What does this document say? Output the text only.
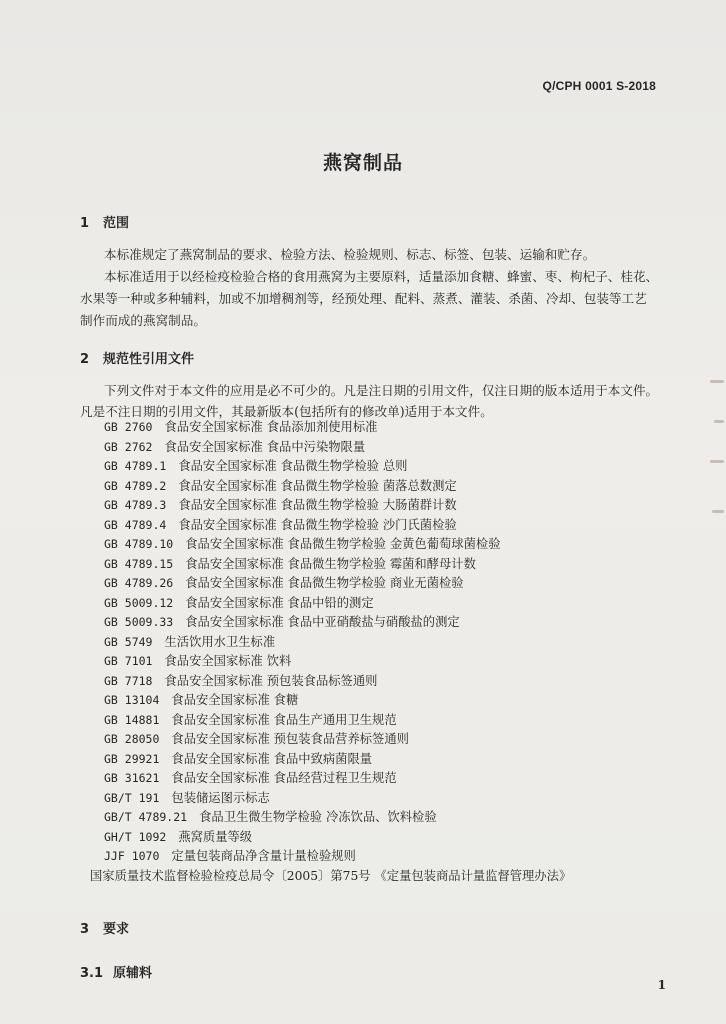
Q/CPH 0001 S-2018
燕窝制品
1 范围
本标准规定了燕窝制品的要求、检验方法、检验规则、标志、标签、包装、运输和贮存。
本标准适用于以经检疫检验合格的食用燕窝为主要原料，适量添加食糖、蜂蜜、枣、枸杞子、桂花、
水果等一种或多种辅料，加或不加增稠剂等，经预处理、配料、蒸煮、灌装、杀菌、冷却、包装等工艺
制作而成的燕窝制品。
2 规范性引用文件
下列文件对于本文件的应用是必不可少的。凡是注日期的引用文件，仅注日期的版本适用于本文件。
凡是不注日期的引用文件，其最新版本(包括所有的修改单)适用于本文件。
GB 2760 食品安全国家标准 食品添加剂使用标准
GB 2762 食品安全国家标准 食品中污染物限量
GB 4789.1 食品安全国家标准 食品微生物学检验 总则
GB 4789.2 食品安全国家标准 食品微生物学检验 菌落总数测定
GB 4789.3 食品安全国家标准 食品微生物学检验 大肠菌群计数
GB 4789.4 食品安全国家标准 食品微生物学检验 沙门氏菌检验
GB 4789.10 食品安全国家标准 食品微生物学检验 金黄色葡萄球菌检验
GB 4789.15 食品安全国家标准 食品微生物学检验 霉菌和酵母计数
GB 4789.26 食品安全国家标准 食品微生物学检验 商业无菌检验
GB 5009.12 食品安全国家标准 食品中铅的测定
GB 5009.33 食品安全国家标准 食品中亚硝酸盐与硝酸盐的测定
GB 5749 生活饮用水卫生标准
GB 7101 食品安全国家标准 饮料
GB 7718 食品安全国家标准 预包装食品标签通则
GB 13104 食品安全国家标准 食糖
GB 14881 食品安全国家标准 食品生产通用卫生规范
GB 28050 食品安全国家标准 预包装食品营养标签通则
GB 29921 食品安全国家标准 食品中致病菌限量
GB 31621 食品安全国家标准 食品经营过程卫生规范
GB/T 191 包装储运图示标志
GB/T 4789.21 食品卫生微生物学检验 冷冻饮品、饮料检验
GH/T 1092 燕窝质量等级
JJF 1070 定量包装商品净含量计量检验规则
国家质量技术监督检验检疫总局令〔2005〕第75号 《定量包装商品计量监督管理办法》
3 要求
3.1 原辅料
1
